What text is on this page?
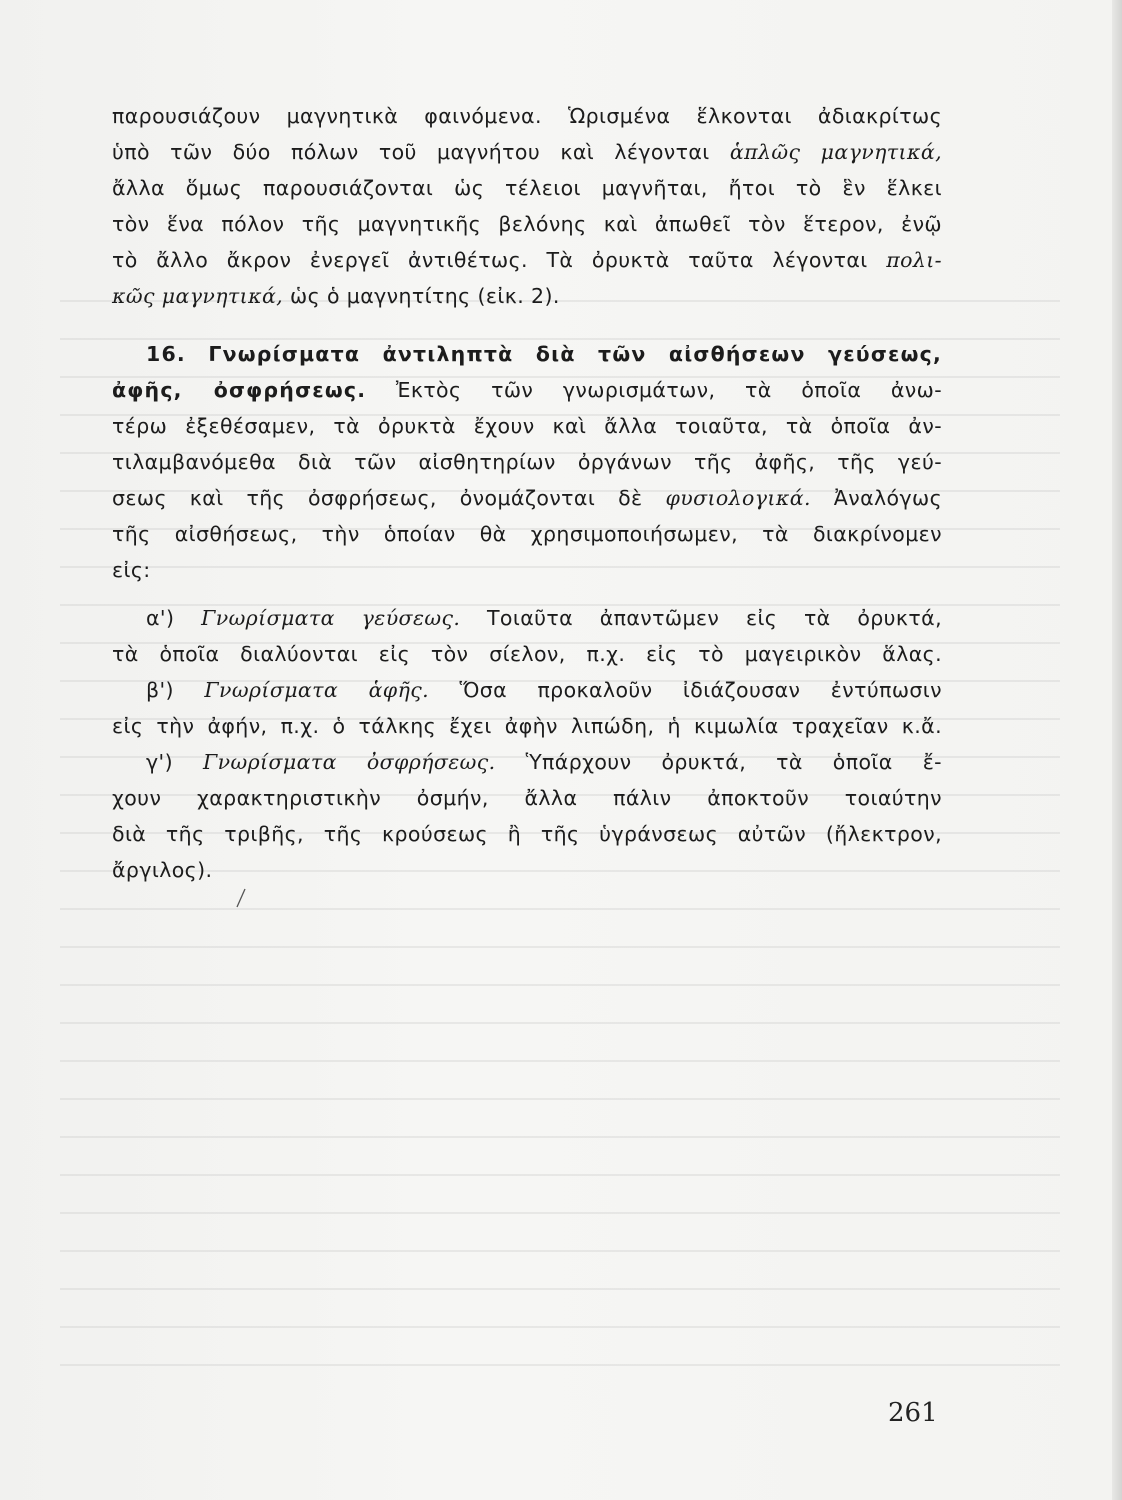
παρουσιάζουν μαγνητικὰ φαινόμενα. Ὡρισμένα ἕλκονται ἀδιακρίτως
ὑπὸ τῶν δύο πόλων τοῦ μαγνήτου καὶ λέγονται ἁπλῶς μαγνητικά,
ἄλλα ὅμως παρουσιάζονται ὡς τέλειοι μαγνῆται, ἤτοι τὸ ἓν ἕλκει
τὸν ἕνα πόλον τῆς μαγνητικῆς βελόνης καὶ ἀπωθεῖ τὸν ἕτερον, ἐνῷ
τὸ ἄλλο ἄκρον ἐνεργεῖ ἀντιθέτως. Τὰ ὀρυκτὰ ταῦτα λέγονται πολι-
κῶς μαγνητικά, ὡς ὁ μαγνητίτης (εἰκ. 2).
16. Γνωρίσματα ἀντιληπτὰ διὰ τῶν αἰσθήσεων γεύσεως,
ἀφῆς, ὀσφρήσεως. Ἐκτὸς τῶν γνωρισμάτων, τὰ ὁποῖα ἀνω-
τέρω ἐξεθέσαμεν, τὰ ὀρυκτὰ ἔχουν καὶ ἄλλα τοιαῦτα, τὰ ὁποῖα ἀν-
τιλαμβανόμεθα διὰ τῶν αἰσθητηρίων ὀργάνων τῆς ἀφῆς, τῆς γεύ-
σεως καὶ τῆς ὀσφρήσεως, ὀνομάζονται δὲ φυσιολογικά. Ἀναλόγως
τῆς αἰσθήσεως, τὴν ὁποίαν θὰ χρησιμοποιήσωμεν, τὰ διακρίνομεν
εἰς:
α') Γνωρίσματα γεύσεως. Τοιαῦτα ἀπαντῶμεν εἰς τὰ ὀρυκτά,
τὰ ὁποῖα διαλύονται εἰς τὸν σίελον, π.χ. εἰς τὸ μαγειρικὸν ἅλας.
β') Γνωρίσματα ἁφῆς. Ὅσα προκαλοῦν ἰδιάζουσαν ἐντύπωσιν
εἰς τὴν ἀφήν, π.χ. ὁ τάλκης ἔχει ἀφὴν λιπώδη, ἡ κιμωλία τραχεῖαν κ.ἄ.
γ') Γνωρίσματα ὀσφρήσεως. Ὑπάρχουν ὀρυκτά, τὰ ὁποῖα ἔ-
χουν χαρακτηριστικὴν ὀσμήν, ἄλλα πάλιν ἀποκτοῦν τοιαύτην
διὰ τῆς τριβῆς, τῆς κρούσεως ἢ τῆς ὑγράνσεως αὐτῶν (ἤλεκτρον,
ἄργιλος).
261
